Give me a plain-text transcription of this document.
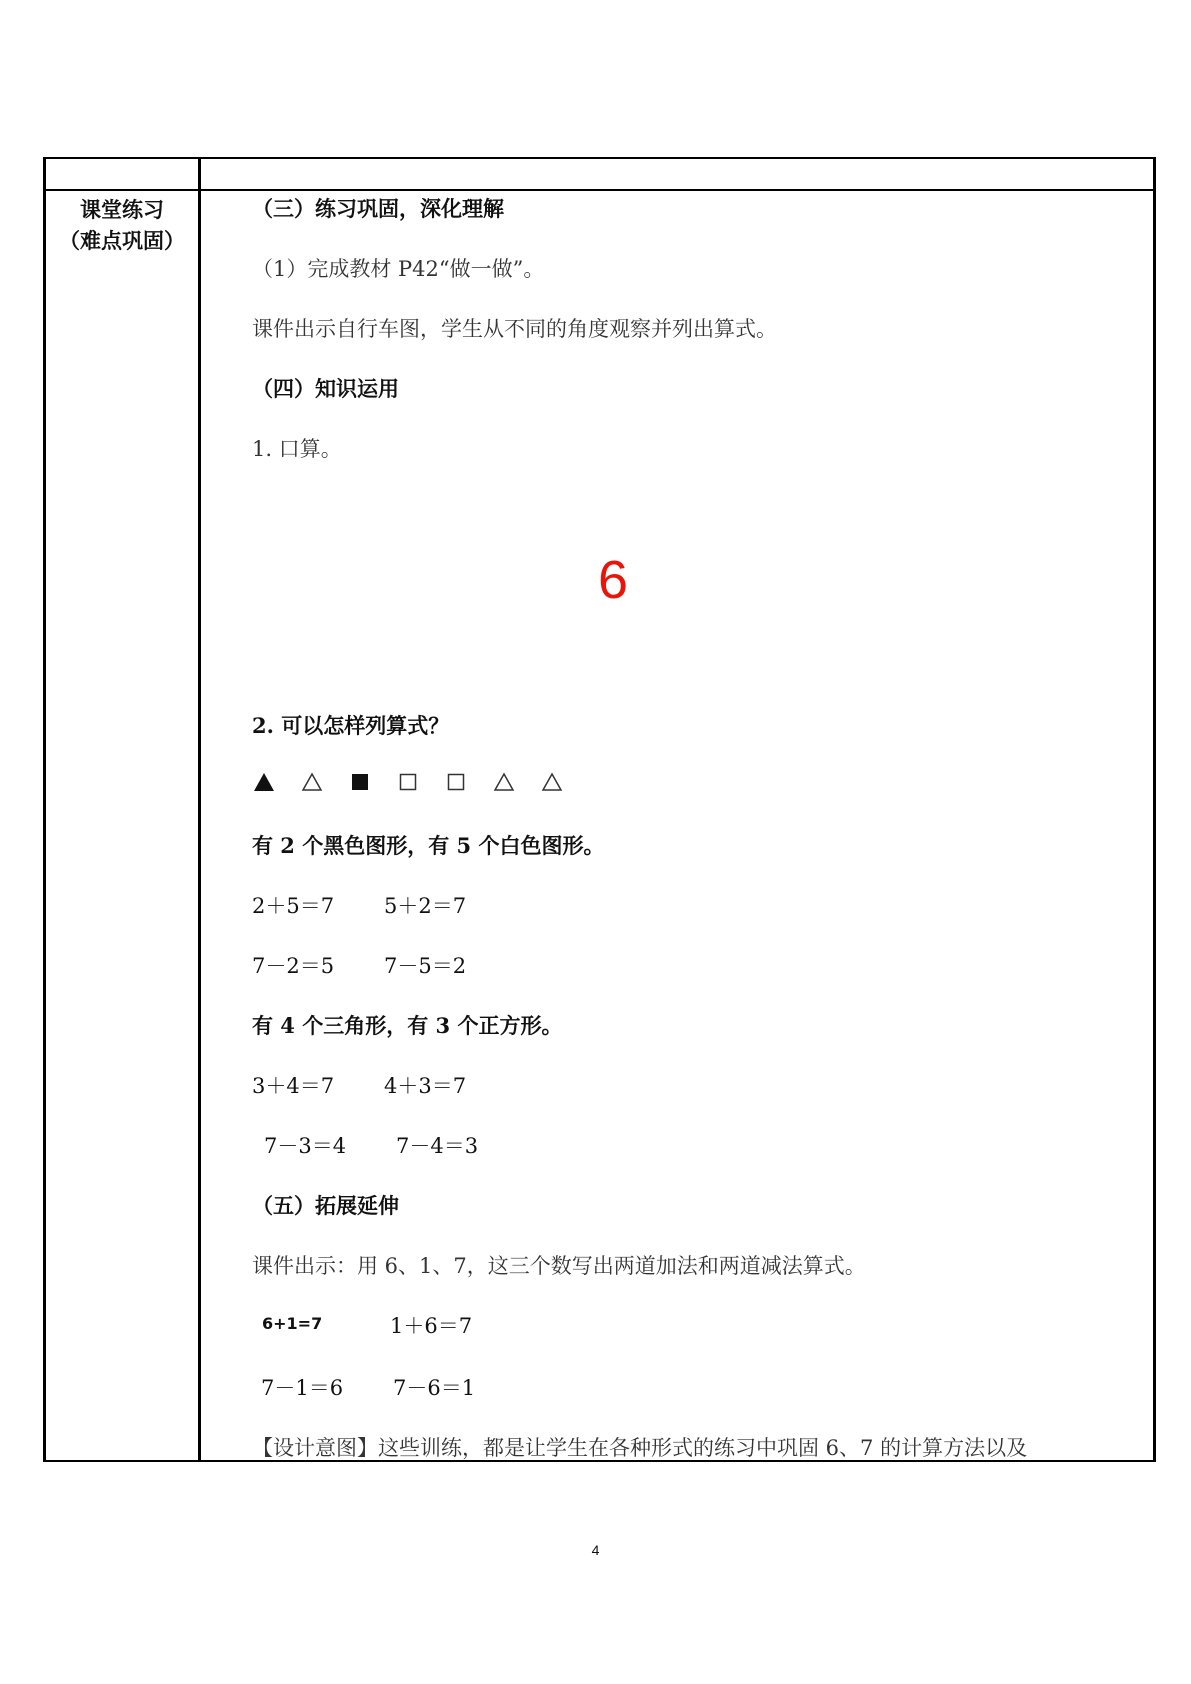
课堂练习
（难点巩固）
（三）练习巩固，深化理解
（1）完成教材 P42“做一做”。
课件出示自行车图，学生从不同的角度观察并列出算式。
（四）知识运用
1. 口算。
6
2. 可以怎样列算式？
有 2 个黑色图形，有 5 个白色图形。
2＋5＝7 5＋2＝7
7－2＝5 7－5＝2
有 4 个三角形，有 3 个正方形。
3＋4＝7 4＋3＝7
7－3＝4 7－4＝3
（五）拓展延伸
课件出示：用 6、1、7，这三个数写出两道加法和两道减法算式。
6+1=7	1＋6＝7
7－1＝6 7－6＝1
【设计意图】这些训练，都是让学生在各种形式的练习中巩固 6、7 的计算方法以及
4
